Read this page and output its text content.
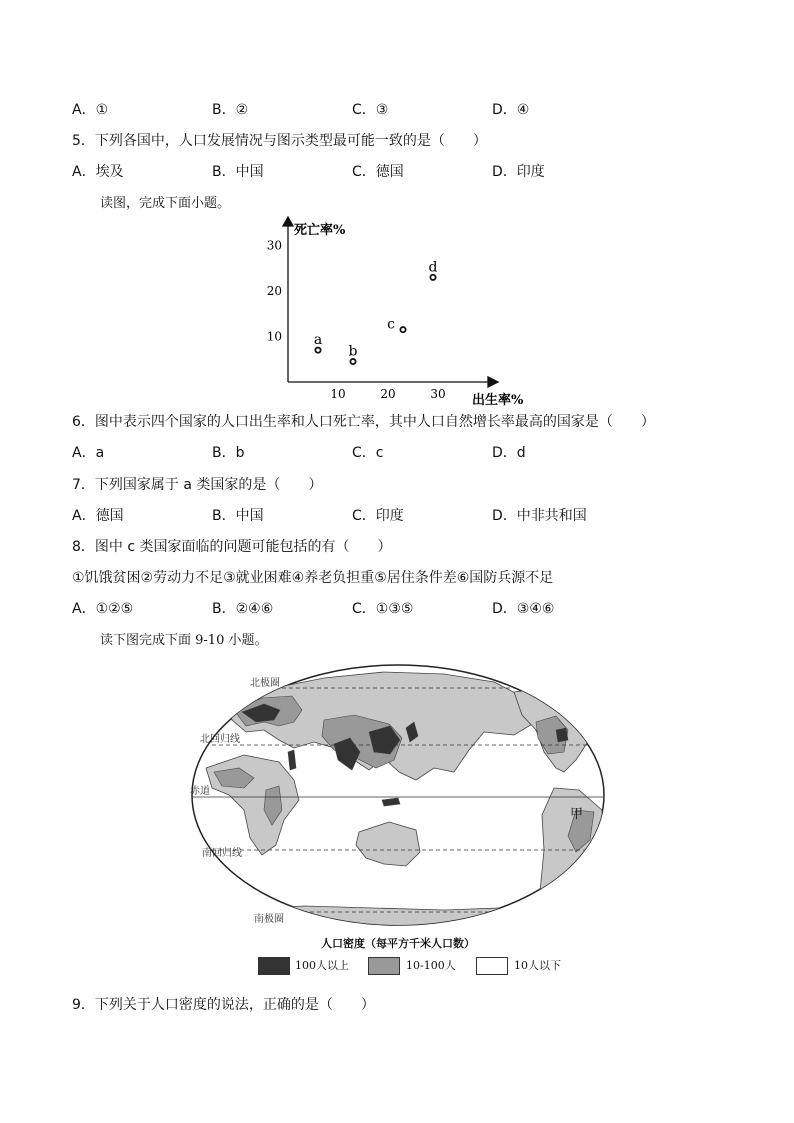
A．①	B．②	C．③	D．④
5．下列各国中，人口发展情况与图示类型最可能一致的是（　　）
A．埃及	B．中国	C．德国	D．印度
读图，完成下面小题。
死亡率%
出生率%
10	20	30
10
20
30
a
b
c
d
6．图中表示四个国家的人口出生率和人口死亡率，其中人口自然增长率最高的国家是（　　）
A．a	B．b	C．c	D．d
7．下列国家属于 a 类国家的是（　　）
A．德国	B．中国	C．印度	D．中非共和国
8．图中 c 类国家面临的问题可能包括的有（　　）
①饥饿贫困②劳动力不足③就业困难④养老负担重⑤居住条件差⑥国防兵源不足
A．①②⑤	B．②④⑥	C．①③⑤	D．③④⑥
读下图完成下面 9-10 小题。
北极圈
北回归线
赤道
南回归线
南极圈
甲
人口密度（每平方千米人口数）
100人以上	10-100人	10人以下
9．下列关于人口密度的说法，正确的是（　　）
